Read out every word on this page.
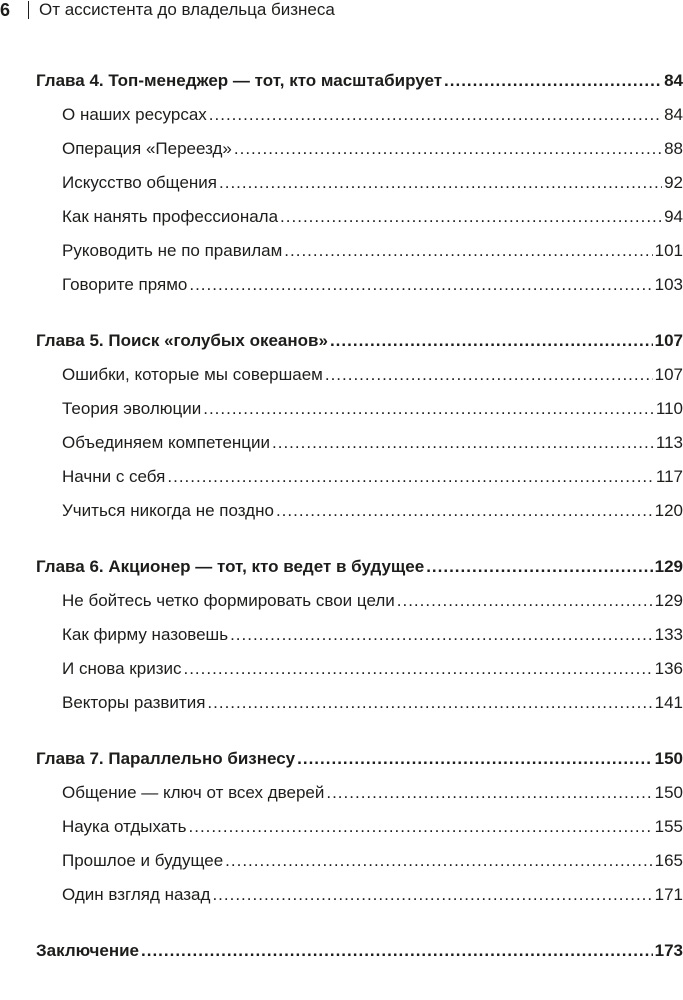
6	От ассистента до владельца бизнеса
Глава 4. Топ-менеджер — тот, кто масштабирует .....	84
О наших ресурсах .....	84
Операция «Переезд» .....	88
Искусство общения .....	92
Как нанять профессионала .....	94
Руководить не по правилам .....	101
Говорите прямо .....	103
Глава 5. Поиск «голубых океанов» .....	107
Ошибки, которые мы совершаем .....	107
Теория эволюции .....	110
Объединяем компетенции .....	113
Начни с себя .....	117
Учиться никогда не поздно .....	120
Глава 6. Акционер — тот, кто ведет в будущее .....	129
Не бойтесь четко формировать свои цели .....	129
Как фирму назовешь .....	133
И снова кризис .....	136
Векторы развития .....	141
Глава 7. Параллельно бизнесу .....	150
Общение — ключ от всех дверей .....	150
Наука отдыхать .....	155
Прошлое и будущее .....	165
Один взгляд назад .....	171
Заключение .....	173
